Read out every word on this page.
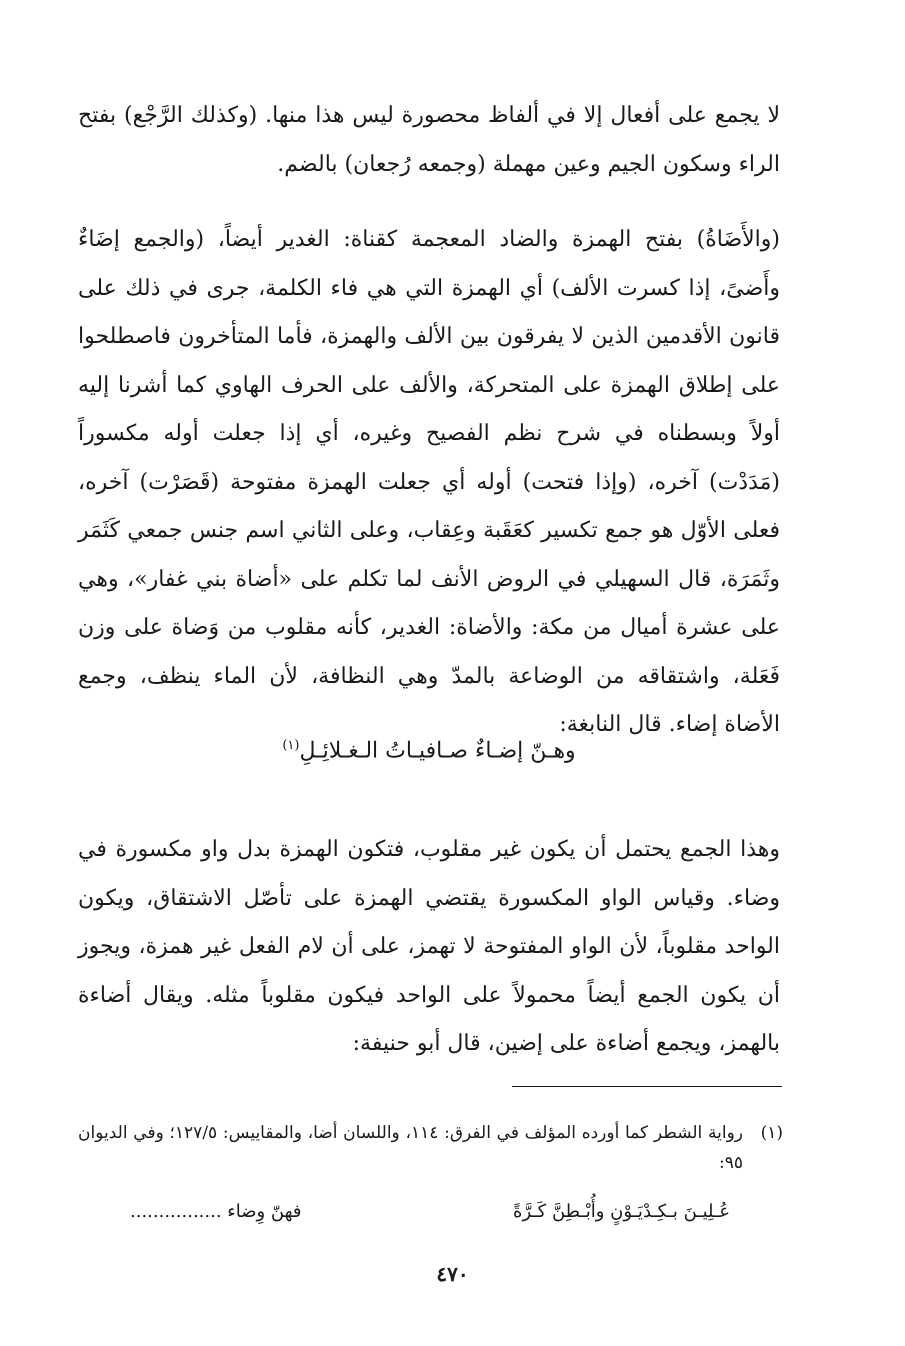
لا يجمع على أفعال إلا في ألفاظ محصورة ليس هذا منها. (وكذلك الرَّجْع) بفتح الراء وسكون الجيم وعين مهملة (وجمعه رُجعان) بالضم.

(والأَضَاةُ) بفتح الهمزة والضاد المعجمة كقناة: الغدير أيضاً، (والجمع إضَاءٌ وأَضىً، إذا كسرت الألف) أي الهمزة التي هي فاء الكلمة، جرى في ذلك على قانون الأقدمين الذين لا يفرقون بين الألف والهمزة، فأما المتأخرون فاصطلحوا على إطلاق الهمزة على المتحركة، والألف على الحرف الهاوي كما أشرنا إليه أولاً وبسطناه في شرح نظم الفصيح وغيره، أي إذا جعلت أوله مكسوراً (مَدَدْت) آخره، (وإذا فتحت) أوله أي جعلت الهمزة مفتوحة (قَصَرْت) آخره، فعلى الأوّل هو جمع تكسير كعَقَبة وعِقاب، وعلى الثاني اسم جنس جمعي كَثَمَر وثَمَرَة، قال السهيلي في الروض الأنف لما تكلم على «أضاة بني غفار»، وهي على عشرة أميال من مكة: والأضاة: الغدير، كأنه مقلوب من وَضاة على وزن فَعَلة، واشتقاقه من الوضاعة بالمدّ وهي النظافة، لأن الماء ينظف، وجمع الأضاة إضاء. قال النابغة:

وهـنّ إضـاءٌ صـافيـاتُ الـغـلائِـلِ$^{(١)}$

وهذا الجمع يحتمل أن يكون غير مقلوب، فتكون الهمزة بدل واو مكسورة في وضاء. وقياس الواو المكسورة يقتضي الهمزة على تأصّل الاشتقاق، ويكون الواحد مقلوباً، لأن الواو المفتوحة لا تهمز، على أن لام الفعل غير همزة، ويجوز أن يكون الجمع أيضاً محمولاً على الواحد فيكون مقلوباً مثله. ويقال أضاءة بالهمز، ويجمع أضاءة على إضين، قال أبو حنيفة:

(١)
رواية الشطر كما أورده المؤلف في الفرق: ١١٤، واللسان أضا، والمقاييس: ١٢٧/٥؛ وفي الديوان ٩٥:
عُـلِيـنَ بـكِـدْيَـوْنٍ وأُبْـطِنَّ كَـرَّةً
فهنّ وِضاء ................
٤٧٠
